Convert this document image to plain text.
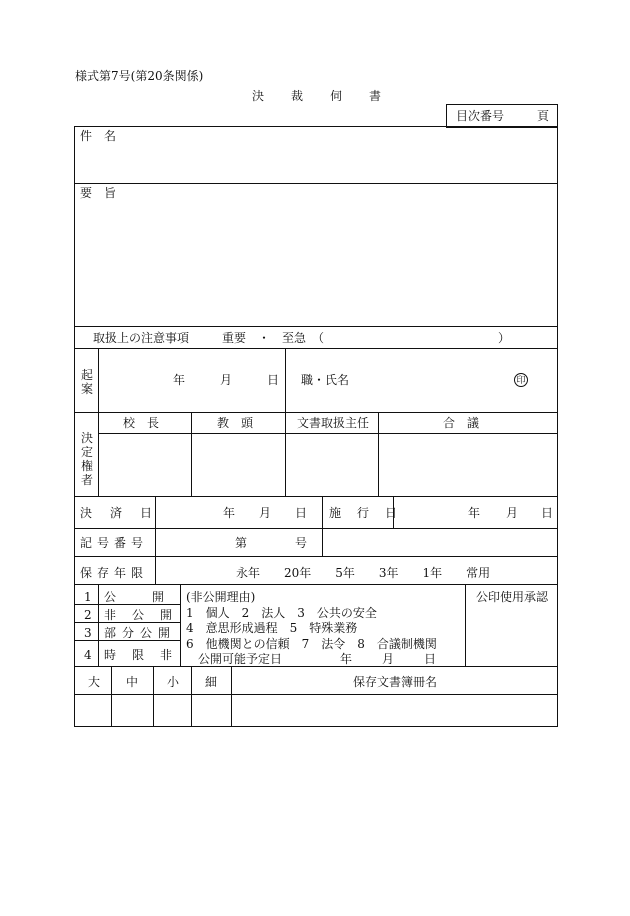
様式第7号(第20条関係)
決　　裁　　伺　　書
目次番号	頁
件　名
要　旨
取扱上の注意事項	重要　・　至急　（	）
起案
年	月	日 職・氏名	印
決定権者
校　長	教　頭	文書取扱主任	合　議
決　済　日	年 月 日 施　行　日	年 月 日
記号番号	第	号
保存年限	永年　　20年　　5年　　3年　　1年　　常用
1 公　　　開
2 非　公　開
3 部分公開
4 時　限　非
(非公開理由)
1　個人　2　法人　3　公共の安全
4　意思形成過程　5　特殊業務
6　他機関との信頼　7　法令　8　合議制機関
公開可能予定日	年 月 日
公印使用承認
大 中 小 細	保存文書簿冊名
